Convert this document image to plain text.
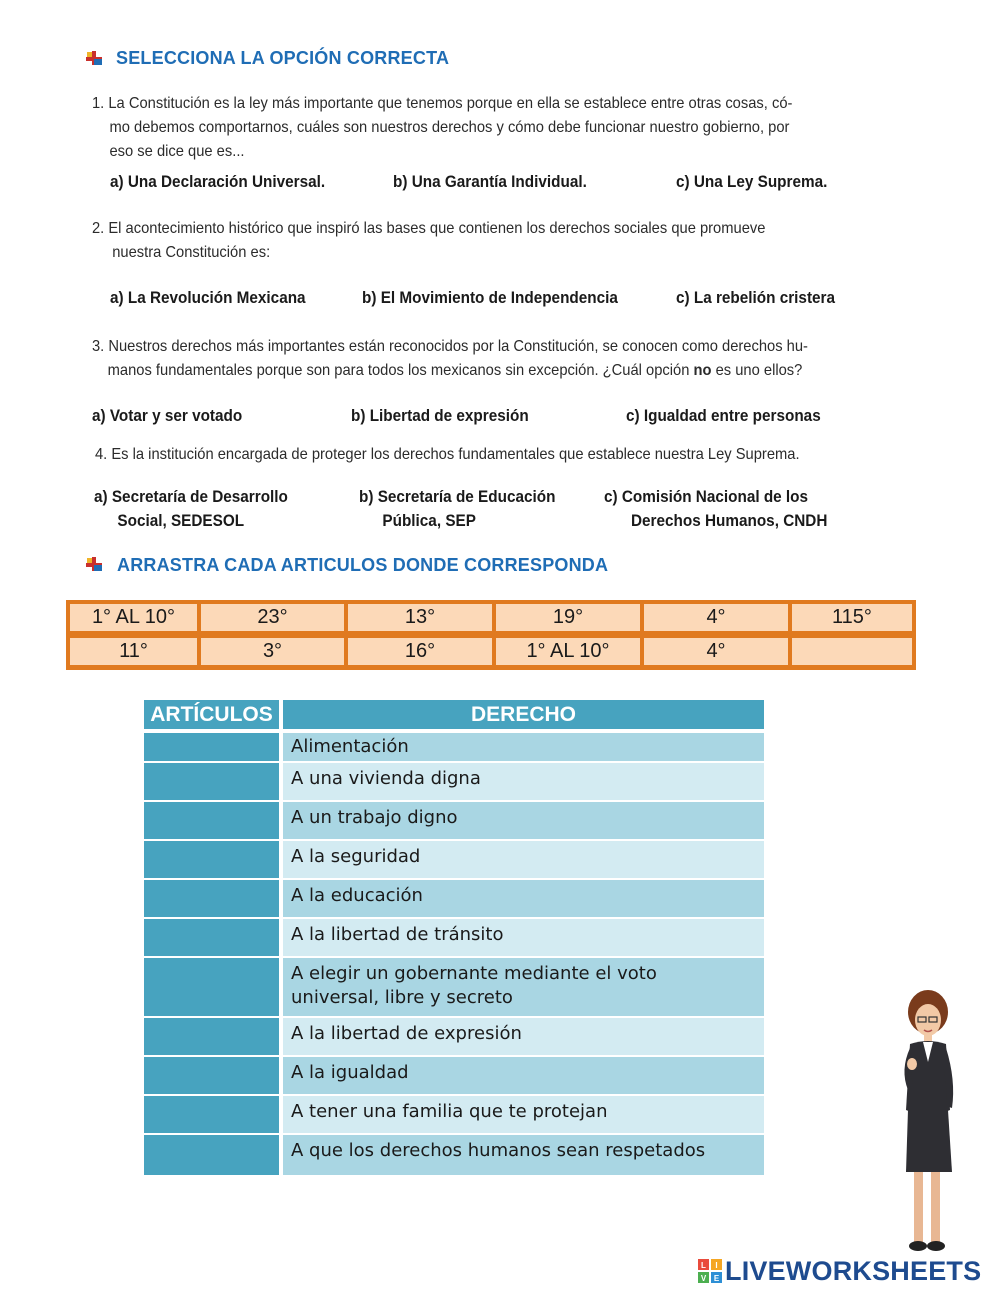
SELECCIONA LA OPCIÓN CORRECTA
1. La Constitución es la ley más importante que tenemos porque en ella se establece entre otras cosas, có-
mo debemos comportarnos, cuáles son nuestros derechos y cómo debe funcionar nuestro gobierno, por
eso se dice que es...
a) Una Declaración Universal.	b) Una Garantía Individual.	c) Una Ley Suprema.
2. El acontecimiento histórico que inspiró las bases que contienen los derechos sociales que promueve
nuestra Constitución es:
a) La Revolución Mexicana	b) El Movimiento de Independencia	c) La rebelión cristera
3. Nuestros derechos más importantes están reconocidos por la Constitución, se conocen como derechos hu-
manos fundamentales porque son para todos los mexicanos sin excepción. ¿Cuál opción no es uno ellos?
a) Votar y ser votado	b) Libertad de expresión	c) Igualdad entre personas
4. Es la institución encargada de proteger los derechos fundamentales que establece nuestra Ley Suprema.
a) Secretaría de Desarrollo
Social, SEDESOL
b) Secretaría de Educación
Pública, SEP
c) Comisión Nacional de los
Derechos Humanos, CNDH
ARRASTRA CADA ARTICULOS DONDE CORRESPONDA
1° AL 10°	23°	13°	19°	4°	115°
11°	3°	16°	1° AL 10°	4°
ARTÍCULOS	DERECHO
Alimentación
A una vivienda digna
A un trabajo digno
A la seguridad
A la educación
A la libertad de tránsito
A elegir un gobernante mediante el voto universal, libre y secreto
A la libertad de expresión
A la igualdad
A tener una familia que te protejan
A que los derechos humanos sean respetados
L I
V E LIVEWORKSHEETS
